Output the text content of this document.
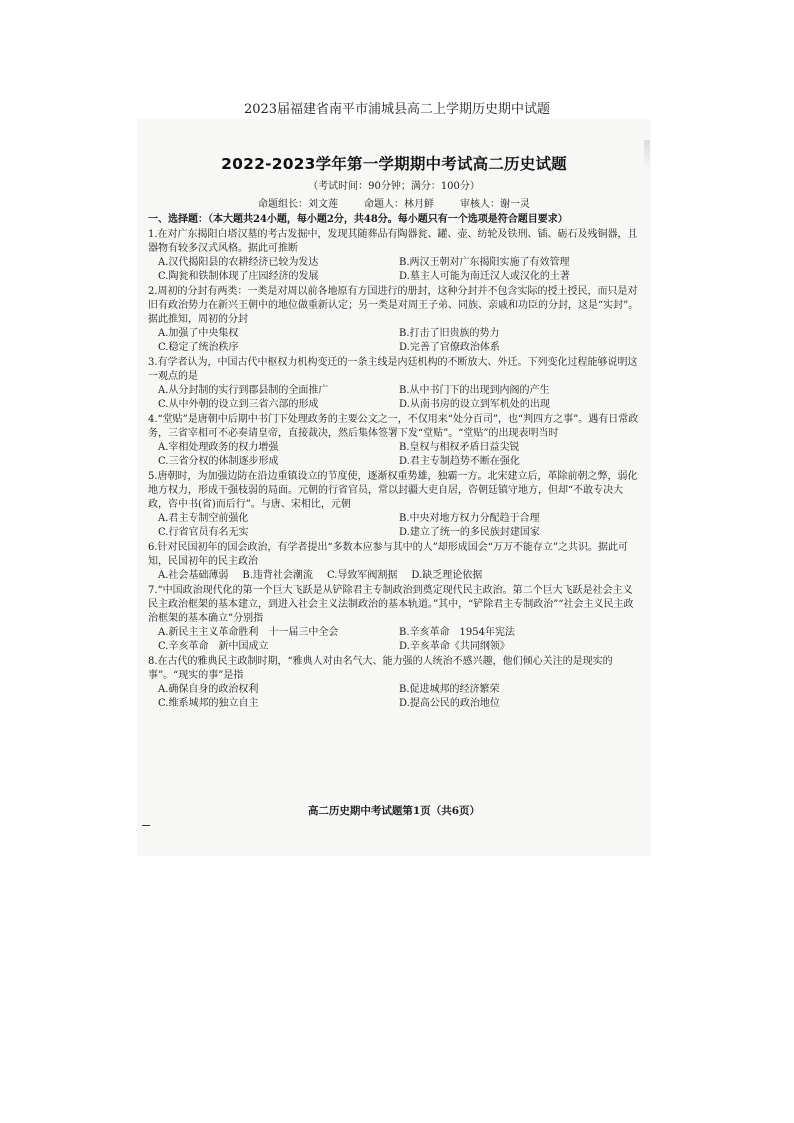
2023届福建省南平市浦城县高二上学期历史期中试题
2022-2023学年第一学期期中考试高二历史试题
（考试时间：90分钟；满分：100分）
命题组长：刘文莲	命题人：林月鲜	审核人：谢一灵
一、选择题：（本大题共24小题，每小题2分，共48分。每小题只有一个选项是符合题目要求）
1.在对广东揭阳白塔汉墓的考古发掘中，发现其随葬品有陶器瓮、罐、壶、纺轮及铁刑、锸、砺石及残铜器，且器物有较多汉式风格。据此可推断
A.汉代揭阳县的农耕经济已较为发达	B.两汉王朝对广东揭阳实施了有效管理
C.陶瓮和铁制体现了庄园经济的发展	D.墓主人可能为南迁汉人或汉化的土著
2.周初的分封有两类：一类是对周以前各地原有方国进行的册封，这种分封并不包含实际的授土授民，而只是对旧有政治势力在新兴王朝中的地位做重新认定；另一类是对周王子弟、同族、亲戚和功臣的分封，这是“实封”。据此推知，周初的分封
A.加强了中央集权	B.打击了旧贵族的势力
C.稳定了统治秩序	D.完善了官僚政治体系
3.有学者认为，中国古代中枢权力机构变迁的一条主线是内廷机构的不断放大、外迁。下列变化过程能够说明这一观点的是
A.从分封制的实行到郡县制的全面推广	B.从中书门下的出现到内阁的产生
C.从中外朝的设立到三省六部的形成	D.从南书房的设立到军机处的出现
4.“堂贴”是唐朝中后期中书门下处理政务的主要公文之一，不仅用来“处分百司”，也“判四方之事”。遇有日常政务，三省宰相可不必奏请皇帝，直接裁决，然后集体签署下发“堂贴”。“堂贴”的出现表明当时
A.宰相处理政务的权力增强	B.皇权与相权矛盾日益尖锐
C.三省分权的体制逐步形成	D.君主专制趋势不断在强化
5.唐朝时，为加强边防在沿边重镇设立的节度使，逐渐权重势雄，独霸一方。北宋建立后，革除前朝之弊，弱化地方权力，形成干强枝弱的局面。元朝的行省官员，常以封疆大吏自居，咨朝廷镇守地方，但却“不敢专决大政，咨中书(省)而后行”。与唐、宋相比，元朝
A.君主专制空前强化	B.中央对地方权力分配趋于合理
C.行省官员有名无实	D.建立了统一的多民族封建国家
6.针对民国初年的国会政治，有学者提出“多数本应参与其中的人”却形成国会“万万不能存立”之共识。据此可知，民国初年的民主政治
A.社会基础薄弱 B.违背社会潮流 C.导致军阀割据 D.缺乏理论依据
7.“中国政治现代化的第一个巨大飞跃是从铲除君主专制政治到奠定现代民主政治。第二个巨大飞跃是社会主义民主政治框架的基本建立，到进入社会主义法制政治的基本轨道。”其中，“铲除君主专制政治”“社会主义民主政治框架的基本确立”分别指
A.新民主主义革命胜利　十一届三中全会	B.辛亥革命　1954年宪法
C.辛亥革命　新中国成立	D.辛亥革命《共同纲领》
8.在古代的雅典民主政制时期，“雅典人对由名气大、能力强的人统治不感兴趣，他们倾心关注的是现实的事”。“现实的事”是指
A.确保自身的政治权利	B.促进城邦的经济繁荣
C.维系城邦的独立自主	D.提高公民的政治地位
高二历史期中考试题第1页（共6页）
